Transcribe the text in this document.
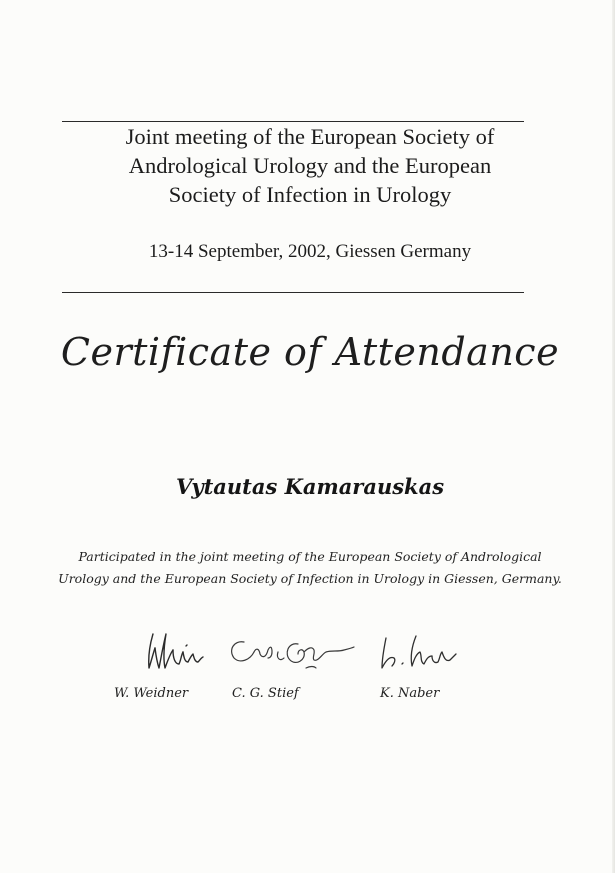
Joint meeting of the European Society of
Andrological Urology and the European
Society of Infection in Urology
13-14 September, 2002, Giessen Germany
Certificate of Attendance
Vytautas Kamarauskas
Participated in the joint meeting of the European Society of Andrological
Urology and the European Society of Infection in Urology in Giessen, Germany.
W. Weidner	C. G. Stief	K. Naber
